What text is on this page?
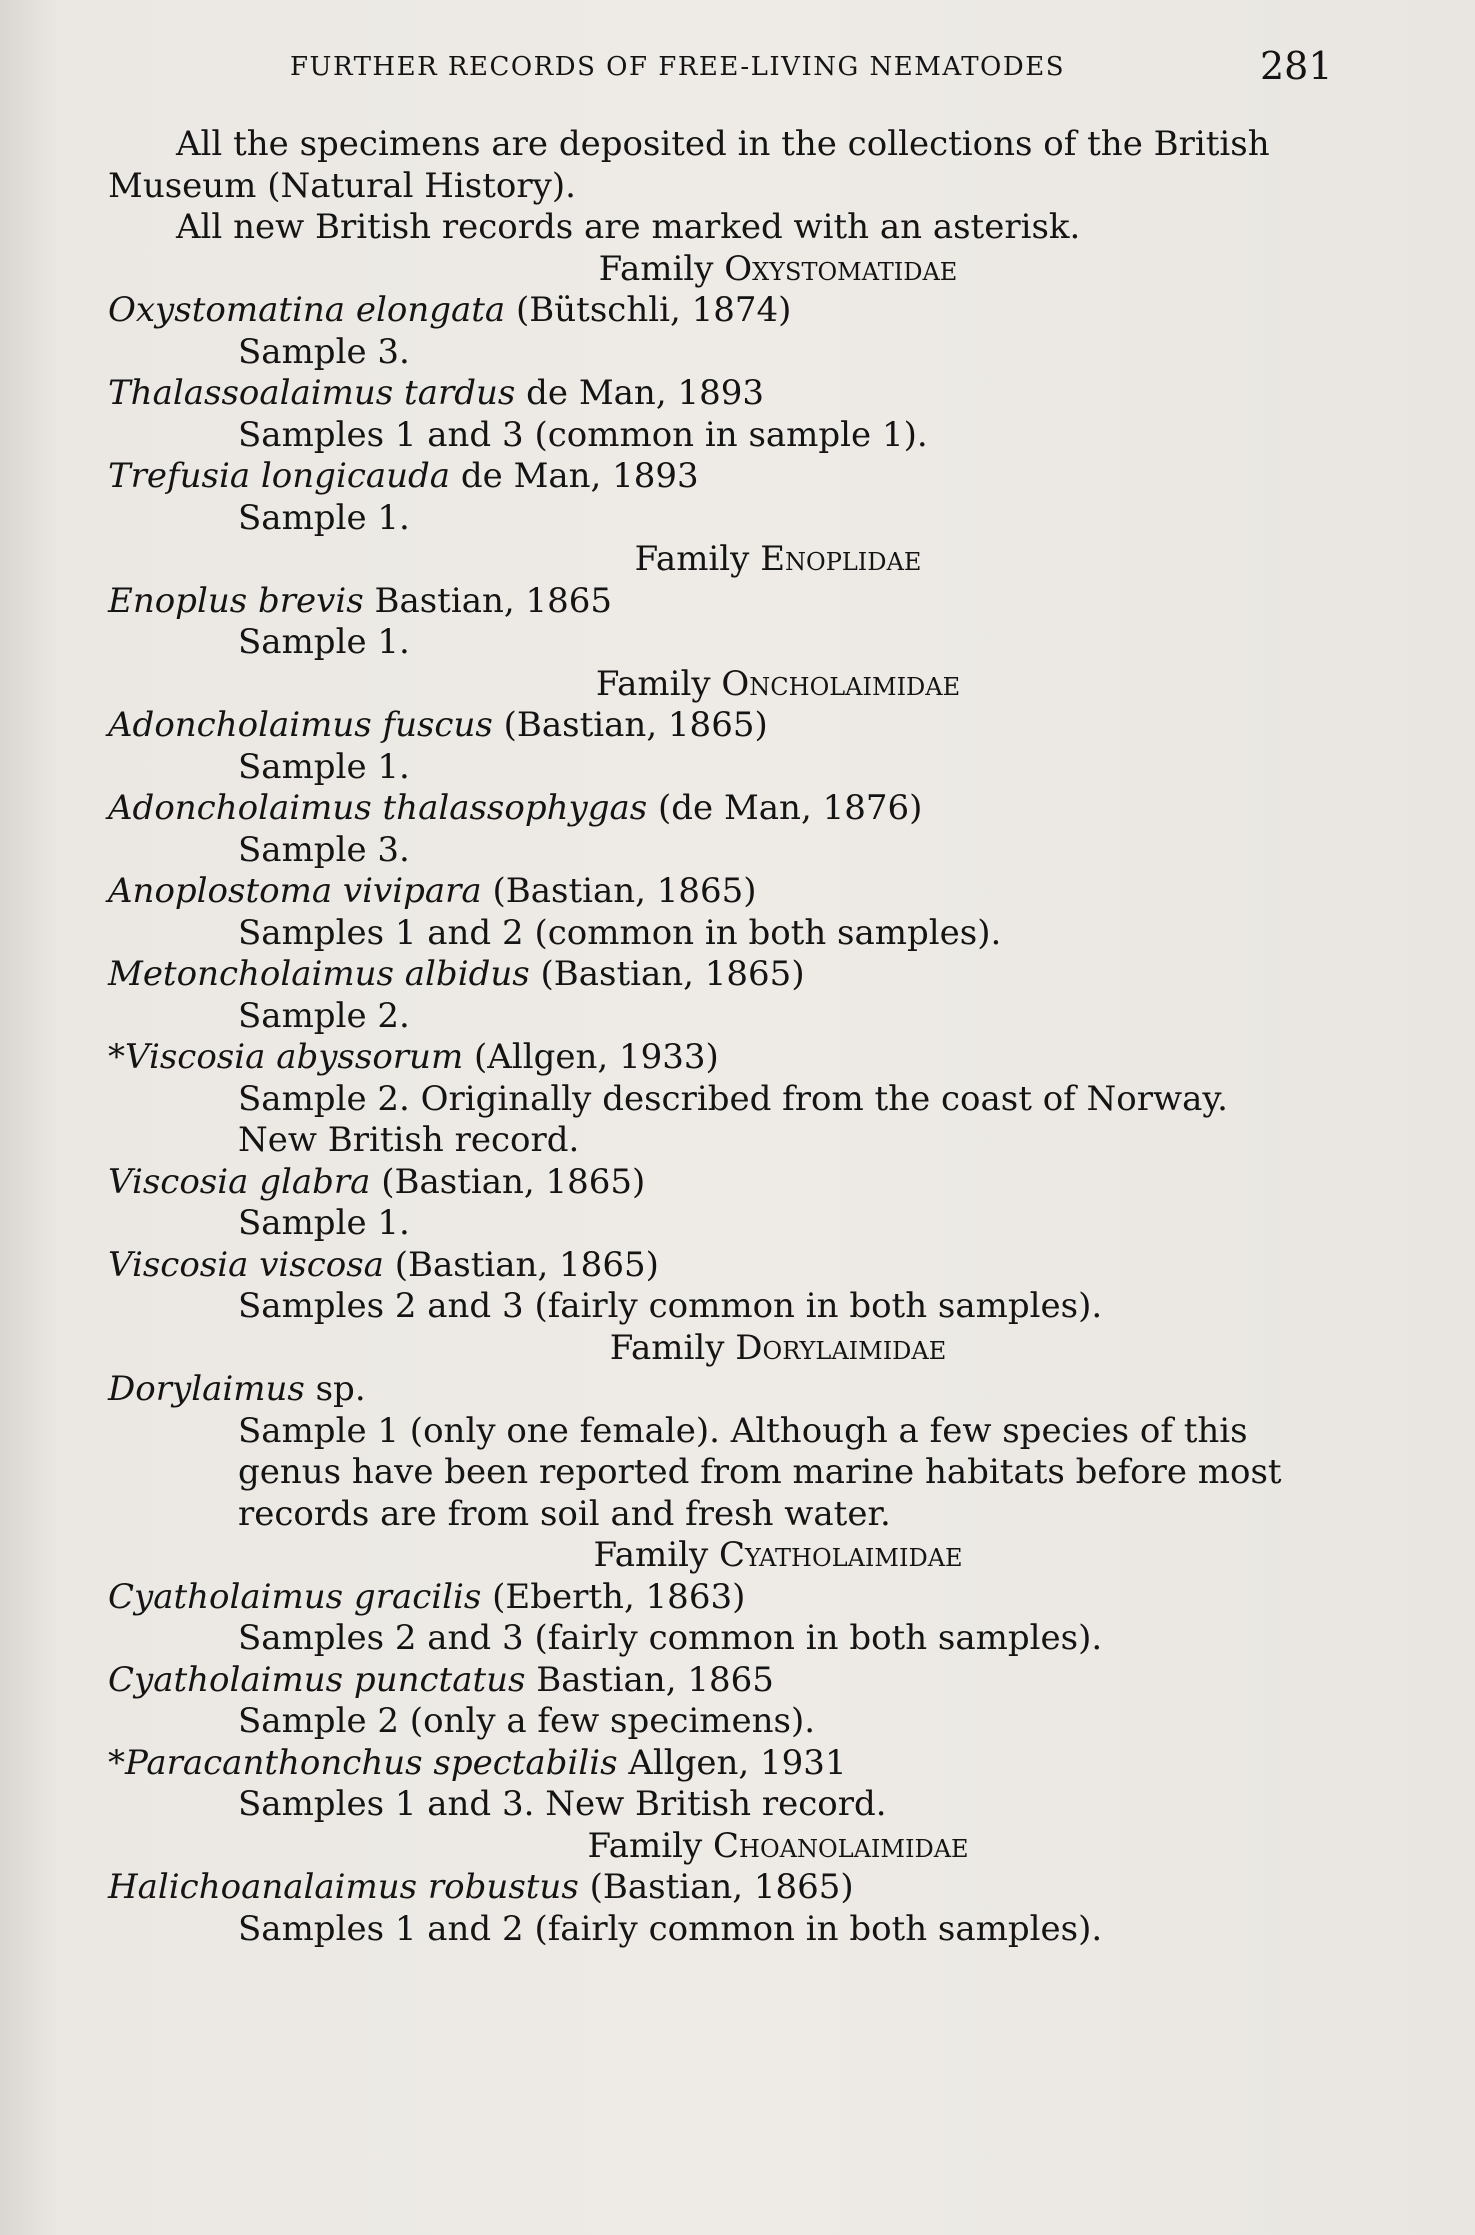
FURTHER RECORDS OF FREE-LIVING NEMATODES	281

All the specimens are deposited in the collections of the British Museum (Natural History).

All new British records are marked with an asterisk.

Family Oxystomatidae

Oxystomatina elongata (Bütschli, 1874)

Sample 3.

Thalassoalaimus tardus de Man, 1893

Samples 1 and 3 (common in sample 1).

Trefusia longicauda de Man, 1893

Sample 1.

Family Enoplidae

Enoplus brevis Bastian, 1865

Sample 1.

Family Oncholaimidae

Adoncholaimus fuscus (Bastian, 1865)

Sample 1.

Adoncholaimus thalassophygas (de Man, 1876)

Sample 3.

Anoplostoma vivipara (Bastian, 1865)

Samples 1 and 2 (common in both samples).

Metoncholaimus albidus (Bastian, 1865)

Sample 2.

*Viscosia abyssorum (Allgen, 1933)

Sample 2. Originally described from the coast of Norway.

New British record.

Viscosia glabra (Bastian, 1865)

Sample 1.

Viscosia viscosa (Bastian, 1865)

Samples 2 and 3 (fairly common in both samples).

Family Dorylaimidae

Dorylaimus sp.

Sample 1 (only one female). Although a few species of this

genus have been reported from marine habitats before most

records are from soil and fresh water.

Family Cyatholaimidae

Cyatholaimus gracilis (Eberth, 1863)

Samples 2 and 3 (fairly common in both samples).

Cyatholaimus punctatus Bastian, 1865

Sample 2 (only a few specimens).

*Paracanthonchus spectabilis Allgen, 1931

Samples 1 and 3. New British record.

Family Choanolaimidae

Halichoanalaimus robustus (Bastian, 1865)

Samples 1 and 2 (fairly common in both samples).
